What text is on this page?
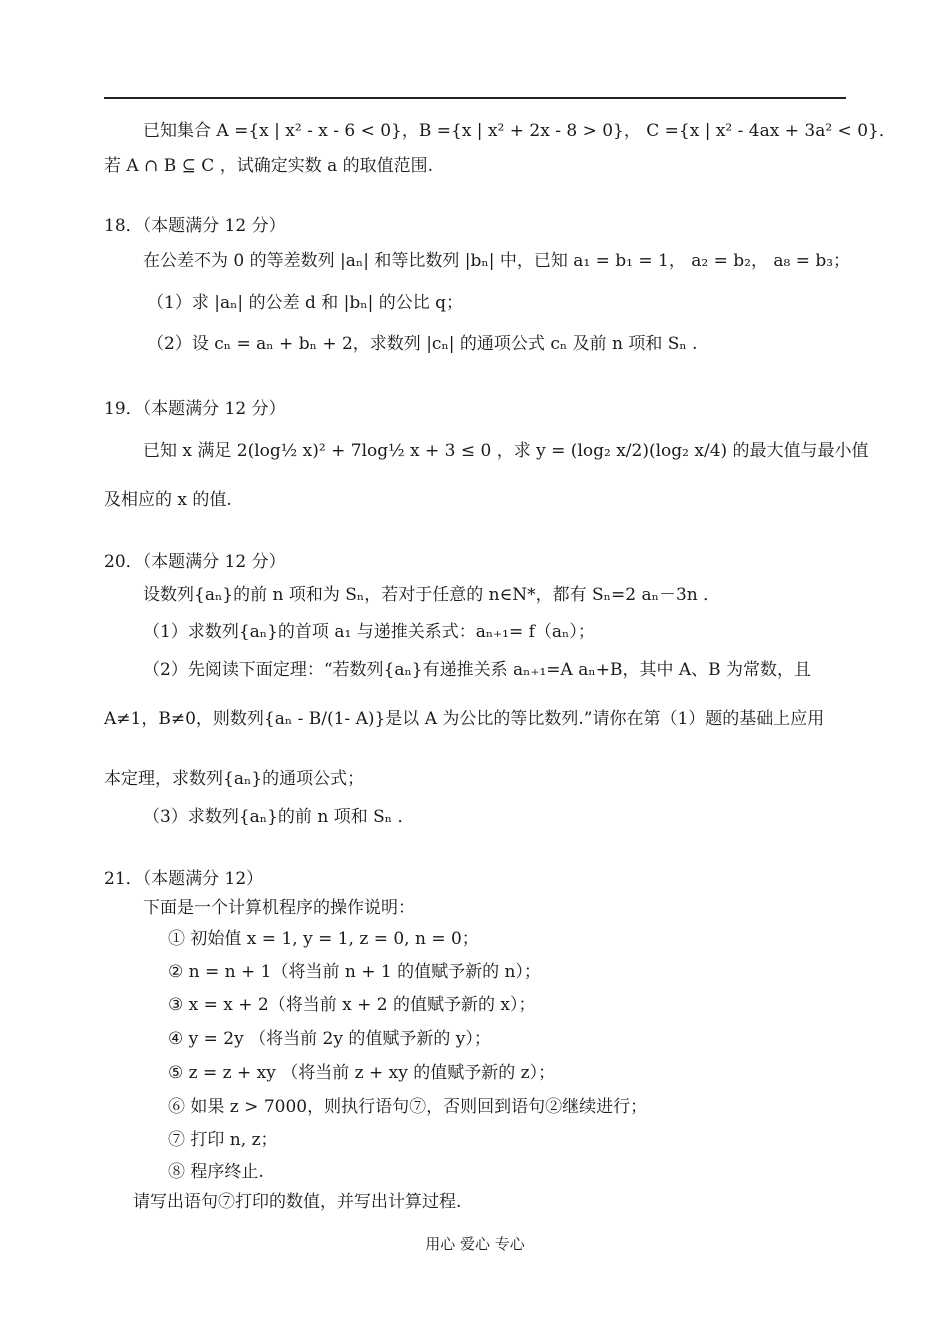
已知集合 A ={x | x² - x - 6 < 0}，B ={x | x² + 2x - 8 > 0}， C ={x | x² - 4ax + 3a² < 0}．
若 A ∩ B ⊆ C ，试确定实数 a 的取值范围.
18．（本题满分 12 分）
在公差不为 0 的等差数列 |aₙ| 和等比数列 |bₙ| 中，已知 a₁ = b₁ = 1， a₂ = b₂， a₈ = b₃；
（1）求 |aₙ| 的公差 d 和 |bₙ| 的公比 q；
（2）设 cₙ = aₙ + bₙ + 2，求数列 |cₙ| 的通项公式 cₙ 及前 n 项和 Sₙ .
19．（本题满分 12 分）
已知 x 满足 2(log½ x)² + 7log½ x + 3 ≤ 0 ，求 y = (log₂ x/2)(log₂ x/4) 的最大值与最小值
及相应的 x 的值.
20．（本题满分 12 分）
设数列{aₙ}的前 n 项和为 Sₙ，若对于任意的 n∈N*，都有 Sₙ=2 aₙ－3n ．
（1）求数列{aₙ}的首项 a₁ 与递推关系式：aₙ₊₁= f（aₙ）；
（2）先阅读下面定理：“若数列{aₙ}有递推关系 aₙ₊₁=A aₙ+B，其中 A、B 为常数，且
A≠1，B≠0，则数列{aₙ - B/(1- A)}是以 A 为公比的等比数列.”请你在第（1）题的基础上应用
本定理，求数列{aₙ}的通项公式；
（3）求数列{aₙ}的前 n 项和 Sₙ ．
21．（本题满分 12）
下面是一个计算机程序的操作说明：
① 初始值 x = 1, y = 1, z = 0, n = 0；
② n = n + 1（将当前 n + 1 的值赋予新的 n）；
③ x = x + 2（将当前 x + 2 的值赋予新的 x）；
④ y = 2y （将当前 2y 的值赋予新的 y）；
⑤ z = z + xy （将当前 z + xy 的值赋予新的 z）；
⑥ 如果 z > 7000，则执行语句⑦，否则回到语句②继续进行；
⑦ 打印 n, z；
⑧ 程序终止.
请写出语句⑦打印的数值，并写出计算过程.
用心 爱心 专心
